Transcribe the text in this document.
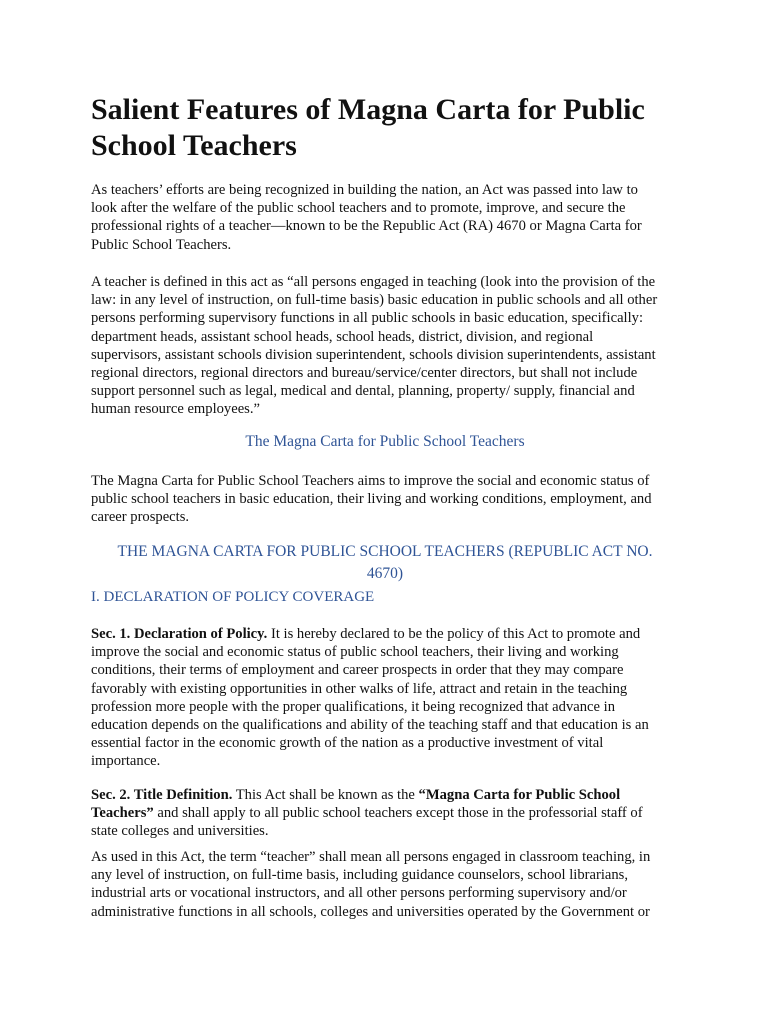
Salient Features of Magna Carta for Public
School Teachers
As teachers’ efforts are being recognized in building the nation, an Act was passed into law to
look after the welfare of the public school teachers and to promote, improve, and secure the
professional rights of a teacher—known to be the Republic Act (RA) 4670 or Magna Carta for
Public School Teachers.
A teacher is defined in this act as “all persons engaged in teaching (look into the provision of the
law: in any level of instruction, on full-time basis) basic education in public schools and all other
persons performing supervisory functions in all public schools in basic education, specifically:
department heads, assistant school heads, school heads, district, division, and regional
supervisors, assistant schools division superintendent, schools division superintendents, assistant
regional directors, regional directors and bureau/service/center directors, but shall not include
support personnel such as legal, medical and dental, planning, property/ supply, financial and
human resource employees.”
The Magna Carta for Public School Teachers
The Magna Carta for Public School Teachers aims to improve the social and economic status of
public school teachers in basic education, their living and working conditions, employment, and
career prospects.
THE MAGNA CARTA FOR PUBLIC SCHOOL TEACHERS (REPUBLIC ACT NO.
4670)
I. DECLARATION OF POLICY COVERAGE
Sec. 1. Declaration of Policy. It is hereby declared to be the policy of this Act to promote and
improve the social and economic status of public school teachers, their living and working
conditions, their terms of employment and career prospects in order that they may compare
favorably with existing opportunities in other walks of life, attract and retain in the teaching
profession more people with the proper qualifications, it being recognized that advance in
education depends on the qualifications and ability of the teaching staff and that education is an
essential factor in the economic growth of the nation as a productive investment of vital
importance.
Sec. 2. Title Definition. This Act shall be known as the “Magna Carta for Public School
Teachers” and shall apply to all public school teachers except those in the professorial staff of
state colleges and universities.
As used in this Act, the term “teacher” shall mean all persons engaged in classroom teaching, in
any level of instruction, on full-time basis, including guidance counselors, school librarians,
industrial arts or vocational instructors, and all other persons performing supervisory and/or
administrative functions in all schools, colleges and universities operated by the Government or
